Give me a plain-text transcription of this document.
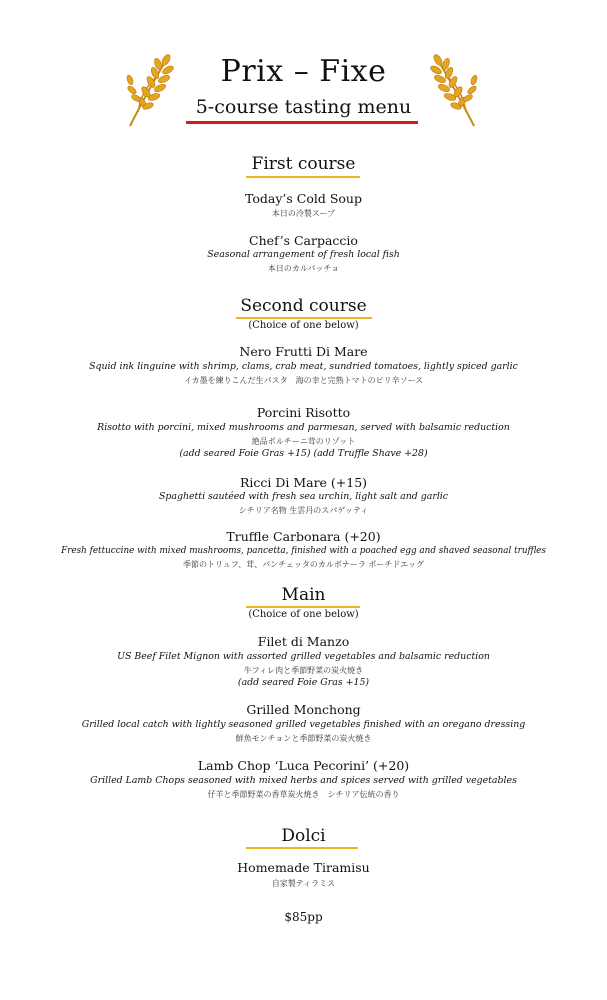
Prix – Fixe
5-course tasting menu
First course
Today’s Cold Soup
本日の冷製スープ
Chef’s Carpaccio
Seasonal arrangement of fresh local fish
本日のカルパッチョ
Second course
(Choice of one below)
Nero Frutti Di Mare
Squid ink linguine with shrimp, clams, crab meat, sundried tomatoes, lightly spiced garlic
イカ墨を練りこんだ生パスタ　海の幸と完熟トマトのピリ辛ソース
Porcini Risotto
Risotto with porcini, mixed mushrooms and parmesan, served with balsamic reduction
絶品ポルチーニ茸のリゾット
(add seared Foie Gras +15) (add Truffle Shave +28)
Ricci Di Mare (+15)
Spaghetti sautéed with fresh sea urchin, light salt and garlic
シチリア名物 生雲丹のスパゲッティ
Truffle Carbonara (+20)
Fresh fettuccine with mixed mushrooms, pancetta, finished with a poached egg and shaved seasonal truffles
季節のトリュフ、茸、パンチェッタのカルボナーラ ポーチドエッグ
Main
(Choice of one below)
Filet di Manzo
US Beef Filet Mignon with assorted grilled vegetables and balsamic reduction
牛フィレ肉と季節野菜の炭火焼き
(add seared Foie Gras +15)
Grilled Monchong
Grilled local catch with lightly seasoned grilled vegetables finished with an oregano dressing
鮮魚モンチョンと季節野菜の炭火焼き
Lamb Chop ‘Luca Pecorini’ (+20)
Grilled Lamb Chops seasoned with mixed herbs and spices served with grilled vegetables
仔羊と季節野菜の香草炭火焼き　シチリア伝統の香り
Dolci
Homemade Tiramisu
自家製ティラミス
$85pp
